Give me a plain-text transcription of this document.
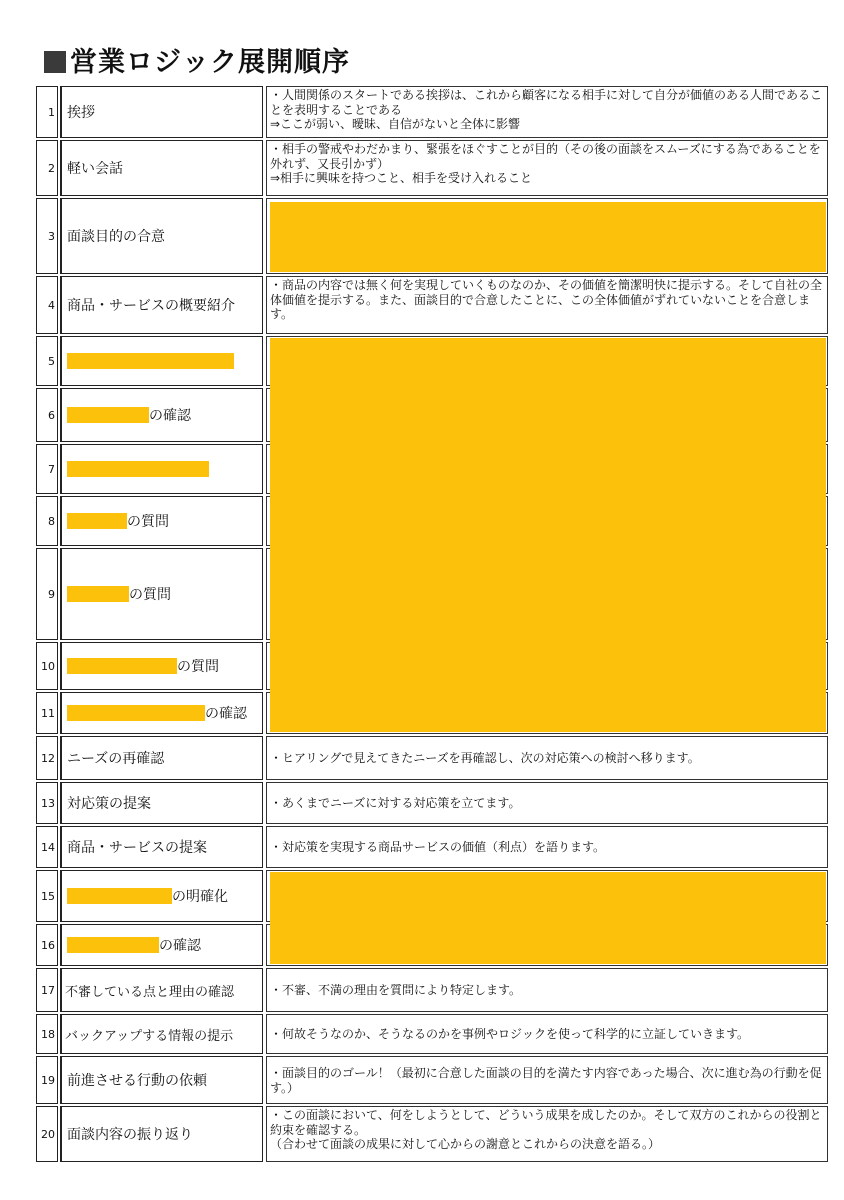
営業ロジック展開順序
1 挨拶
・人間関係のスタートである挨拶は、これから顧客になる相手に対して自分が価値のある人間であることを表明することである
⇒ここが弱い、曖昧、自信がないと全体に影響
2 軽い会話
・相手の警戒やわだかまり、緊張をほぐすことが目的（その後の面談をスムーズにする為であることを外れず、又長引かず）
⇒相手に興味を持つこと、相手を受け入れること
3 面談目的の合意
4 商品・サービスの概要紹介
・商品の内容では無く何を実現していくものなのか、その価値を簡潔明快に提示する。そして自社の全体価値を提示する。また、面談目的で合意したことに、この全体価値がずれていないことを合意します。
5
6	の確認
7
8	の質問
9	の質問
10	の質問
11	の確認
12 ニーズの再確認	・ヒアリングで見えてきたニーズを再確認し、次の対応策への検討へ移ります。
13 対応策の提案	・あくまでニーズに対する対応策を立てます。
14 商品・サービスの提案	・対応策を実現する商品サービスの価値（利点）を語ります。
15	の明確化
16	の確認
17 不審している点と理由の確認	・不審、不満の理由を質問により特定します。
18 バックアップする情報の提示	・何故そうなのか、そうなるのかを事例やロジックを使って科学的に立証していきます。
19 前進させる行動の依頼	・面談目的のゴール！（最初に合意した面談の目的を満たす内容であった場合、次に進む為の行動を促す。）
20 面談内容の振り返り
・この面談において、何をしようとして、どういう成果を成したのか。そして双方のこれからの役割と約束を確認する。
（合わせて面談の成果に対して心からの謝意とこれからの決意を語る。）
